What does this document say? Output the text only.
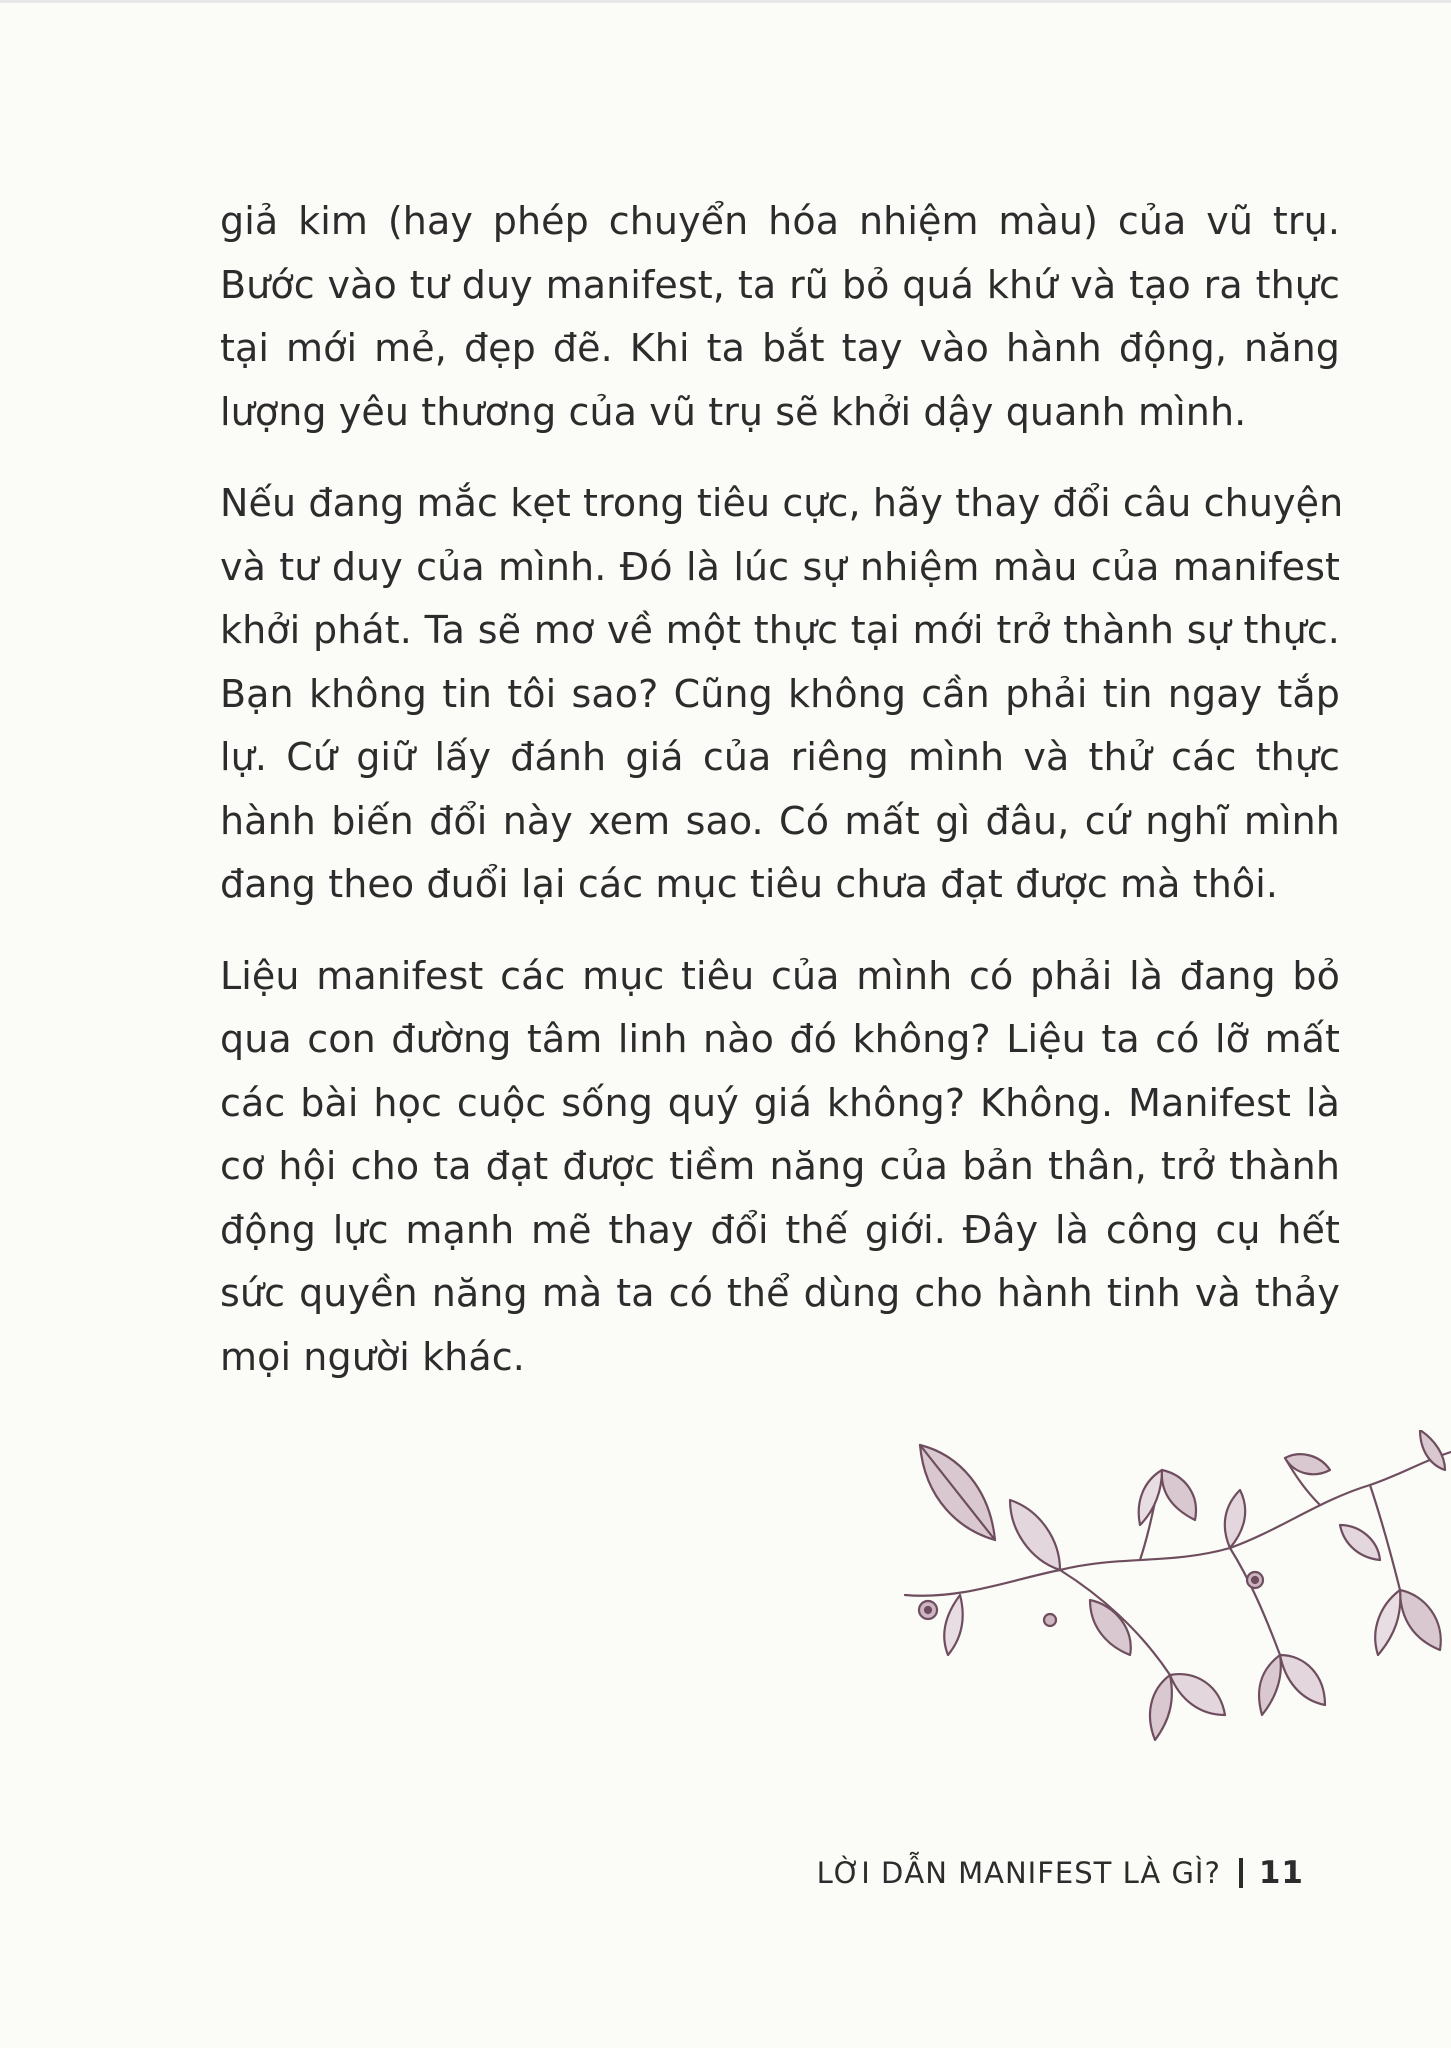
giả kim (hay phép chuyển hóa nhiệm màu) của vũ trụ.
Bước vào tư duy manifest, ta rũ bỏ quá khứ và tạo ra thực
tại mới mẻ, đẹp đẽ. Khi ta bắt tay vào hành động, năng
lượng yêu thương của vũ trụ sẽ khởi dậy quanh mình.

Nếu đang mắc kẹt trong tiêu cực, hãy thay đổi câu chuyện
và tư duy của mình. Đó là lúc sự nhiệm màu của manifest
khởi phát. Ta sẽ mơ về một thực tại mới trở thành sự thực.
Bạn không tin tôi sao? Cũng không cần phải tin ngay tắp
lự. Cứ giữ lấy đánh giá của riêng mình và thử các thực
hành biến đổi này xem sao. Có mất gì đâu, cứ nghĩ mình
đang theo đuổi lại các mục tiêu chưa đạt được mà thôi.

Liệu manifest các mục tiêu của mình có phải là đang bỏ
qua con đường tâm linh nào đó không? Liệu ta có lỡ mất
các bài học cuộc sống quý giá không? Không. Manifest là
cơ hội cho ta đạt được tiềm năng của bản thân, trở thành
động lực mạnh mẽ thay đổi thế giới. Đây là công cụ hết
sức quyền năng mà ta có thể dùng cho hành tinh và thảy
mọi người khác.

LỜI DẪN MANIFEST LÀ GÌ? 11
